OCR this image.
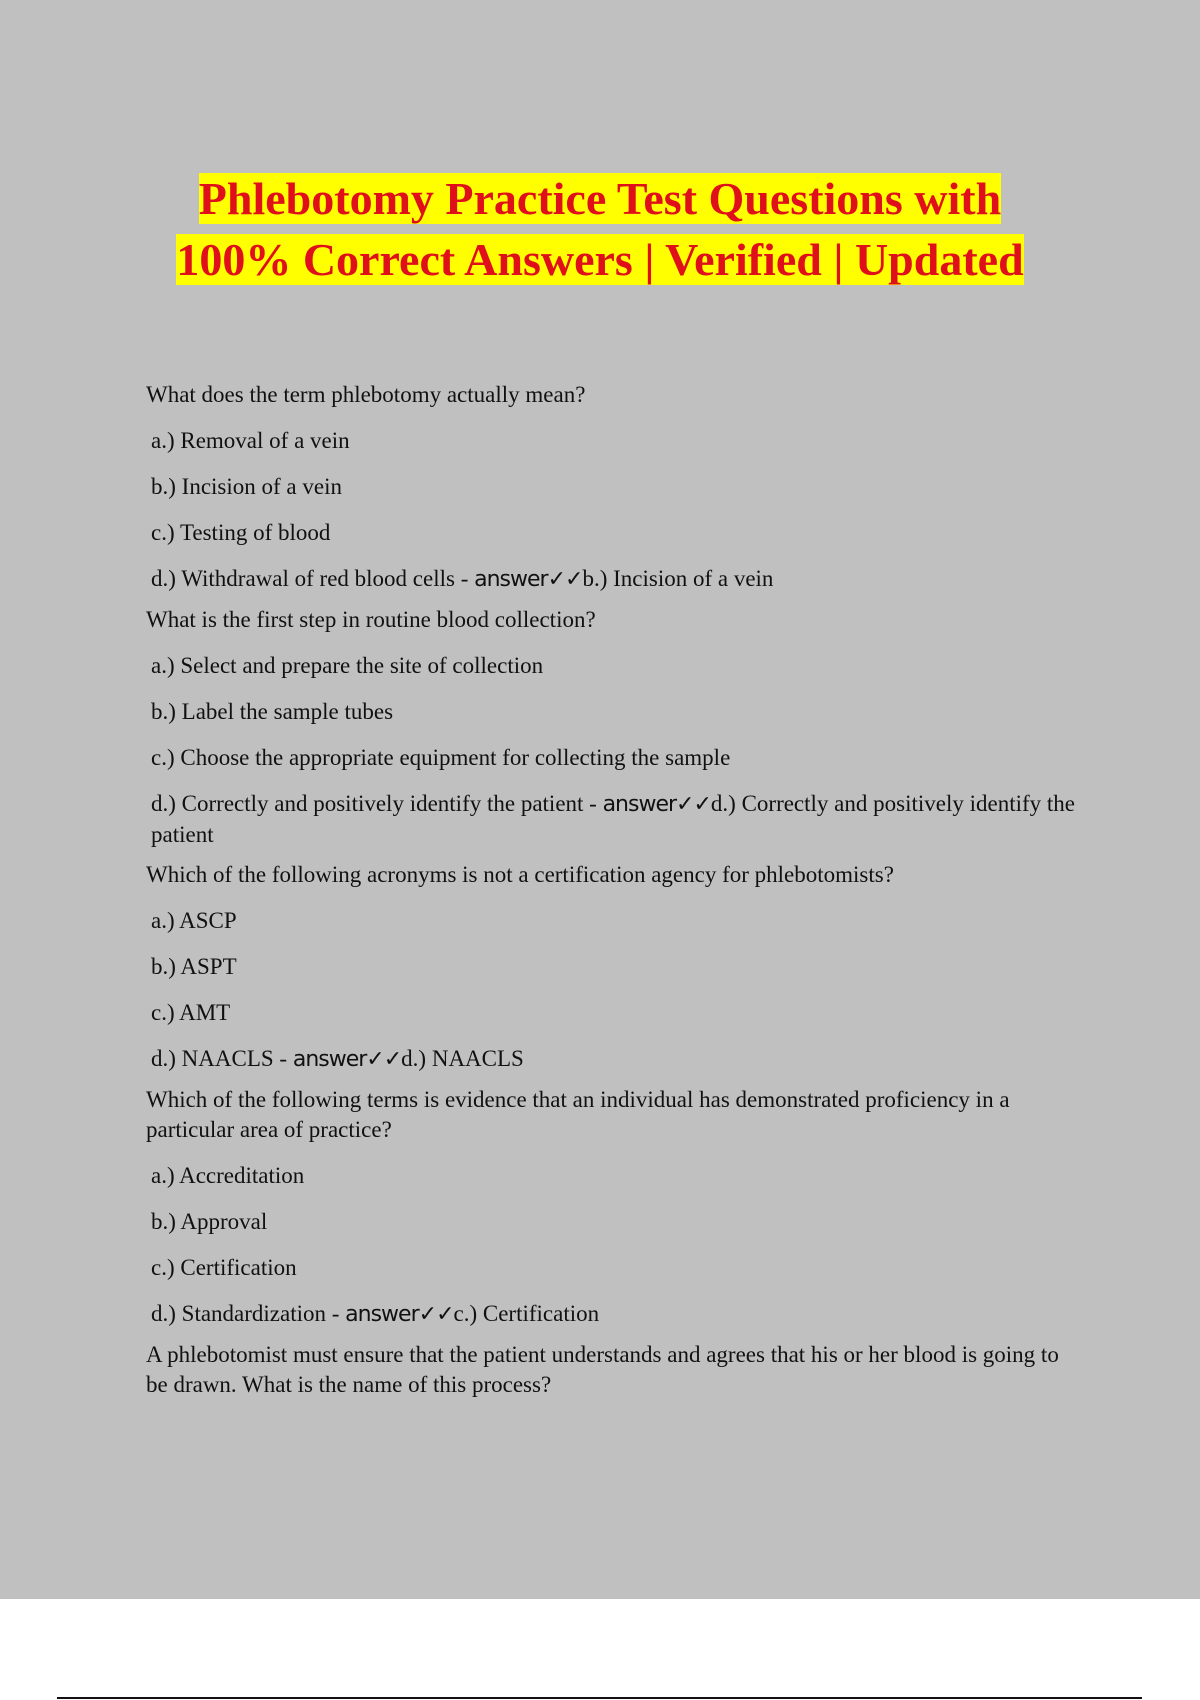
Phlebotomy Practice Test Questions with
100% Correct Answers | Verified | Updated

What does the term phlebotomy actually mean?

a.) Removal of a vein

b.) Incision of a vein

c.) Testing of blood

d.) Withdrawal of red blood cells - answer✓✓b.) Incision of a vein

What is the first step in routine blood collection?

a.) Select and prepare the site of collection

b.) Label the sample tubes

c.) Choose the appropriate equipment for collecting the sample

d.) Correctly and positively identify the patient - answer✓✓d.) Correctly and positively identify the patient

Which of the following acronyms is not a certification agency for phlebotomists?

a.) ASCP

b.) ASPT

c.) AMT

d.) NAACLS - answer✓✓d.) NAACLS

Which of the following terms is evidence that an individual has demonstrated proficiency in a particular area of practice?

a.) Accreditation

b.) Approval

c.) Certification

d.) Standardization - answer✓✓c.) Certification

A phlebotomist must ensure that the patient understands and agrees that his or her blood is going to be drawn. What is the name of this process?
